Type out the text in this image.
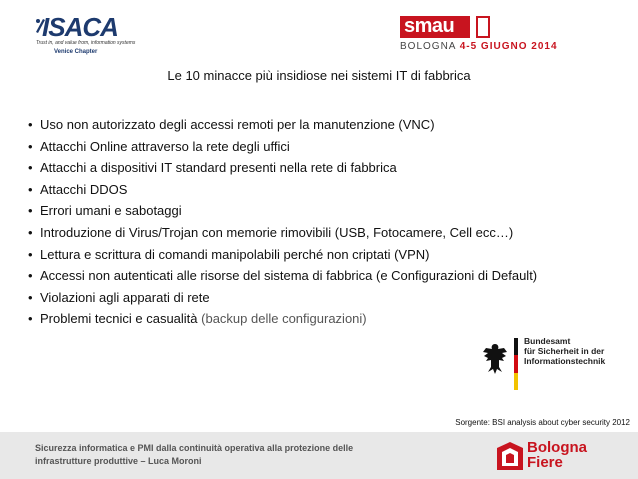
ISACA
Trust in, and value from, information systems
Venice Chapter
smau
BOLOGNA 4-5 GIUGNO 2014
Le 10 minacce più insidiose nei sistemi IT di fabbrica
• Uso non autorizzato degli accessi remoti per la manutenzione (VNC)
• Attacchi Online attraverso la rete degli uffici
• Attacchi a dispositivi IT standard presenti nella rete di fabbrica
• Attacchi DDOS
• Errori umani e sabotaggi
• Introduzione di Virus/Trojan con memorie rimovibili (USB, Fotocamere, Cell ecc…)
• Lettura e scrittura di comandi manipolabili perché non criptati (VPN)
• Accessi non autenticati alle risorse del sistema di fabbrica (e Configurazioni di Default)
• Violazioni agli apparati di rete
• Problemi tecnici e casualità (backup delle configurazioni)
Bundesamt
für Sicherheit in der
Informationstechnik
Sorgente: BSI analysis about cyber security 2012
Sicurezza informatica e PMI dalla continuità operativa alla protezione delle
infrastrutture produttive – Luca Moroni
Bologna
Fiere
